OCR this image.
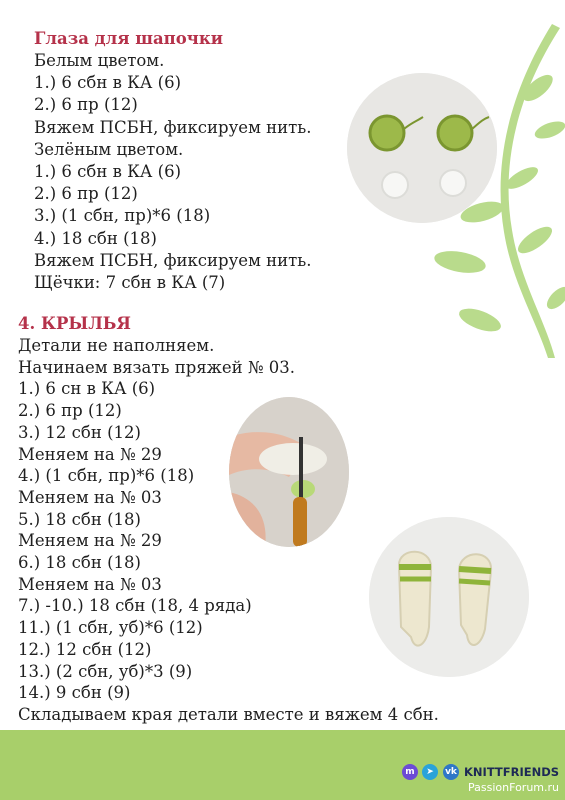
Глаза для шапочки
Белым цветом.
1.) 6 сбн в КА (6)
2.) 6 пр (12)
Вяжем ПСБН, фиксируем нить.
Зелёным цветом.
1.) 6 сбн в КА (6)
2.) 6 пр (12)
3.) (1 сбн, пр)*6 (18)
4.) 18 сбн (18)
Вяжем ПСБН, фиксируем нить.
Щёчки: 7 сбн в КА (7)
4. КРЫЛЬЯ
Детали не наполняем.
Начинаем вязать пряжей № 03.
1.) 6 сн в КА (6)
2.) 6 пр (12)
3.) 12 сбн (12)
Меняем на № 29
4.) (1 сбн, пр)*6 (18)
Меняем на № 03
5.) 18 сбн (18)
Меняем на № 29
6.) 18 сбн (18)
Меняем на № 03
7.) -10.) 18 сбн (18, 4 ряда)
11.) (1 сбн, уб)*6 (12)
12.) 12 сбн (12)
13.) (2 сбн, уб)*3 (9)
14.) 9 сбн (9)
Складываем края детали вместе и вяжем 4 сбн.
m	➤	vk KNITTFRIENDS
PassionForum.ru
